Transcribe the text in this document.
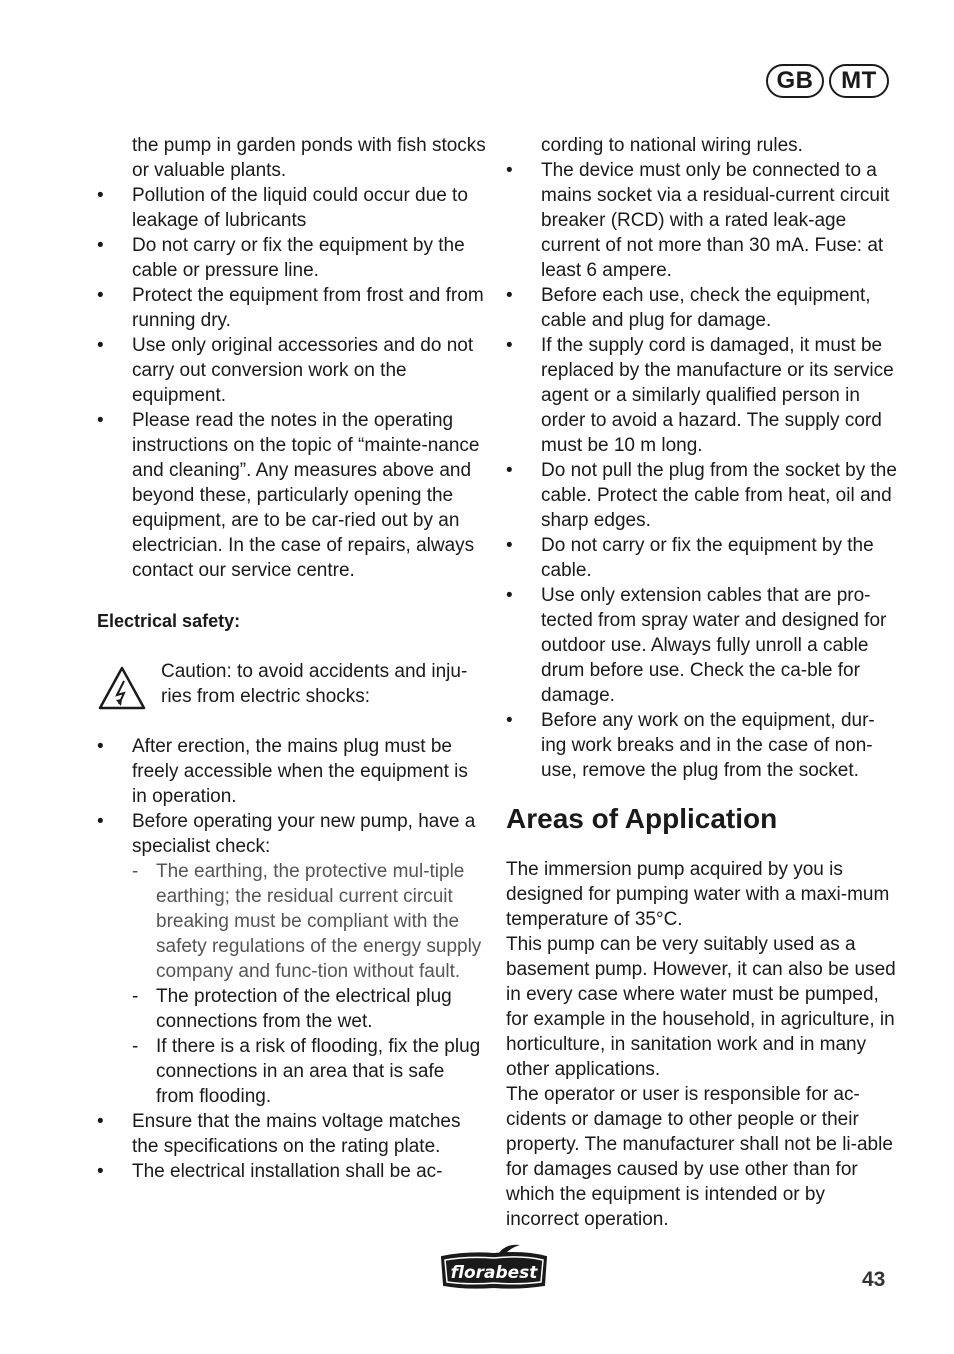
GB	MT
the pump in garden ponds with fish stocks or valuable plants.
• Pollution of the liquid could occur due to leakage of lubricants
• Do not carry or fix the equipment by the cable or pressure line.
• Protect the equipment from frost and from running dry.
• Use only original accessories and do not carry out conversion work on the equipment.
• Please read the notes in the operating instructions on the topic of “mainte-nance and cleaning”. Any measures above and beyond these, particularly opening the equipment, are to be car-ried out by an electrician. In the case of repairs, always contact our service centre.
Electrical safety:
Caution: to avoid accidents and inju-ries from electric shocks:
• After erection, the mains plug must be freely accessible when the equipment is in operation.
• Before operating your new pump, have a specialist check:
- The earthing, the protective mul-tiple earthing; the residual current circuit breaking must be compliant with the safety regulations of the energy supply company and func-tion without fault.
- The protection of the electrical plug connections from the wet.
- If there is a risk of flooding, fix the plug connections in an area that is safe from flooding.
• Ensure that the mains voltage matches the specifications on the rating plate.
• The electrical installation shall be ac-
cording to national wiring rules.
• The device must only be connected to a mains socket via a residual-current circuit breaker (RCD) with a rated leak-age current of not more than 30 mA. Fuse: at least 6 ampere.
• Before each use, check the equipment, cable and plug for damage.
• If the supply cord is damaged, it must be replaced by the manufacture or its service agent or a similarly qualified person in order to avoid a hazard. The supply cord must be 10 m long.
• Do not pull the plug from the socket by the cable. Protect the cable from heat, oil and sharp edges.
• Do not carry or fix the equipment by the cable.
• Use only extension cables that are pro-tected from spray water and designed for outdoor use. Always fully unroll a cable drum before use. Check the ca-ble for damage.
• Before any work on the equipment, dur-ing work breaks and in the case of non-use, remove the plug from the socket.
Areas of Application
The immersion pump acquired by you is designed for pumping water with a maxi-mum temperature of 35°C.
This pump can be very suitably used as a basement pump. However, it can also be used in every case where water must be pumped, for example in the household, in agriculture, in horticulture, in sanitation work and in many other applications.
The operator or user is responsible for ac-cidents or damage to other people or their property. The manufacturer shall not be li-able for damages caused by use other than for which the equipment is intended or by incorrect operation.
florabest	43
